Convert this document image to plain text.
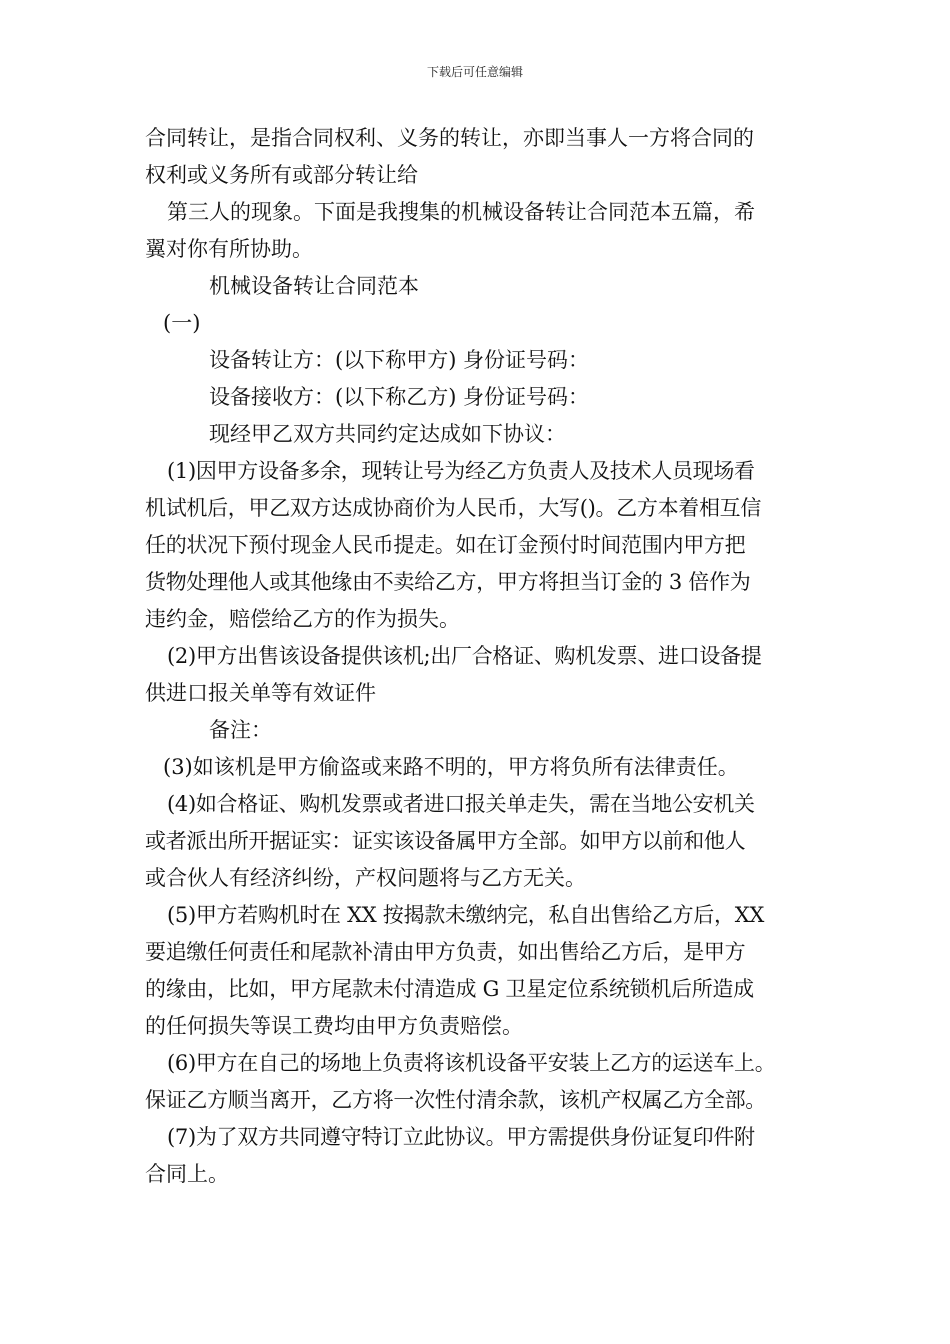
下载后可任意编辑
合同转让，是指合同权利、义务的转让，亦即当事人一方将合同的
权利或义务所有或部分转让给
第三人的现象。下面是我搜集的机械设备转让合同范本五篇，希
翼对你有所协助。
机械设备转让合同范本
(一)
设备转让方：(以下称甲方) 身份证号码：
设备接收方：(以下称乙方) 身份证号码：
现经甲乙双方共同约定达成如下协议：
(1)因甲方设备多余，现转让号为经乙方负责人及技术人员现场看
机试机后，甲乙双方达成协商价为人民币，大写()。乙方本着相互信
任的状况下预付现金人民币提走。如在订金预付时间范围内甲方把
货物处理他人或其他缘由不卖给乙方，甲方将担当订金的 3 倍作为
违约金，赔偿给乙方的作为损失。
(2)甲方出售该设备提供该机;出厂合格证、购机发票、进口设备提
供进口报关单等有效证件
备注：
(3)如该机是甲方偷盗或来路不明的，甲方将负所有法律责任。
(4)如合格证、购机发票或者进口报关单走失，需在当地公安机关
或者派出所开据证实：证实该设备属甲方全部。如甲方以前和他人
或合伙人有经济纠纷，产权问题将与乙方无关。
(5)甲方若购机时在 XX 按揭款未缴纳完，私自出售给乙方后，XX
要追缴任何责任和尾款补清由甲方负责，如出售给乙方后，是甲方
的缘由，比如，甲方尾款未付清造成 G 卫星定位系统锁机后所造成
的任何损失等误工费均由甲方负责赔偿。
(6)甲方在自己的场地上负责将该机设备平安装上乙方的运送车上。
保证乙方顺当离开，乙方将一次性付清余款，该机产权属乙方全部。
(7)为了双方共同遵守特订立此协议。甲方需提供身份证复印件附
合同上。
